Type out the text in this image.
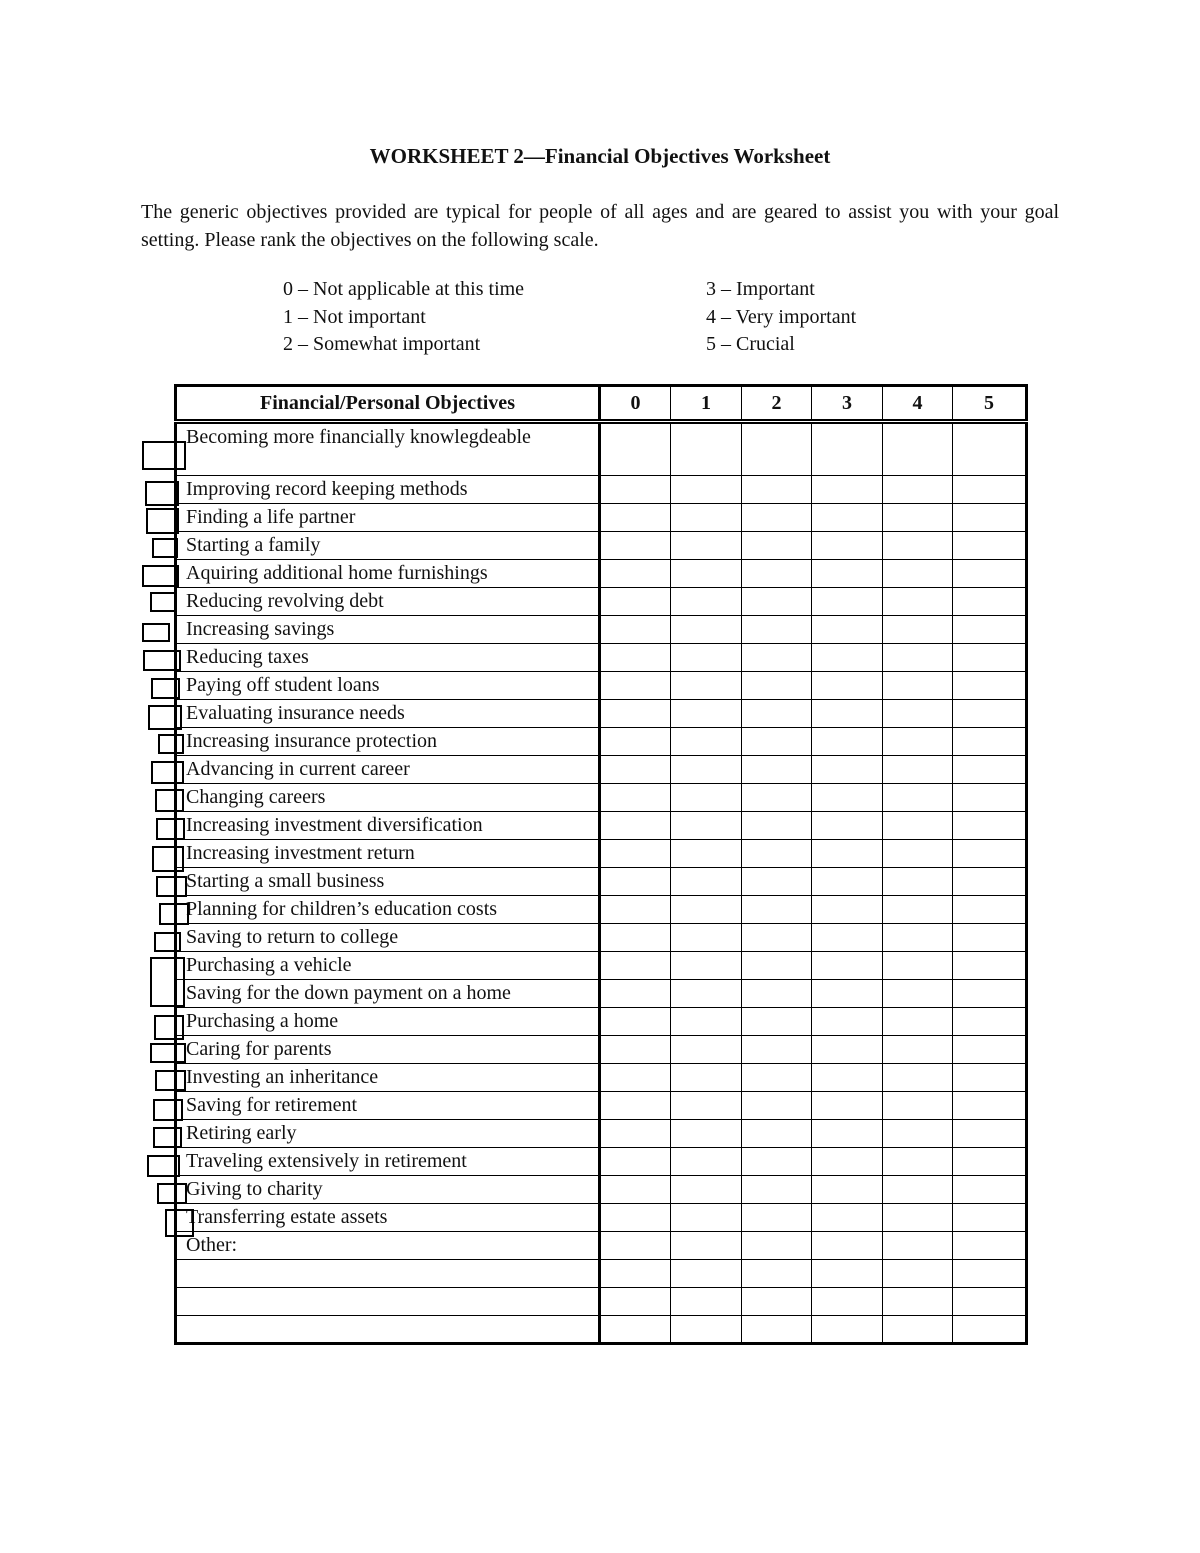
WORKSHEET 2—Financial Objectives Worksheet
The generic objectives provided are typical for people of all ages and are geared to assist you with your goal setting. Please rank the objectives on the following scale.
0 – Not applicable at this time
1 – Not important
2 – Somewhat important
3 – Important
4 – Very important
5 – Crucial
Financial/Personal Objectives	0	1	2	3	4	5
Becoming more financially knowlegdeable						
Improving record keeping methods						
Finding a life partner						
Starting a family						
Aquiring additional home furnishings						
Reducing revolving debt						
Increasing savings						
Reducing taxes						
Paying off student loans						
Evaluating insurance needs						
Increasing insurance protection						
Advancing in current career						
Changing careers						
Increasing investment diversification						
Increasing investment return						
Starting a small business						
Planning for children’s education costs						
Saving to return to college						
Purchasing a vehicle						
Saving for the down payment on a home						
Purchasing a home						
Caring for parents						
Investing an inheritance						
Saving for retirement						
Retiring early						
Traveling extensively in retirement						
Giving to charity						
Transferring estate assets						
Other:						
